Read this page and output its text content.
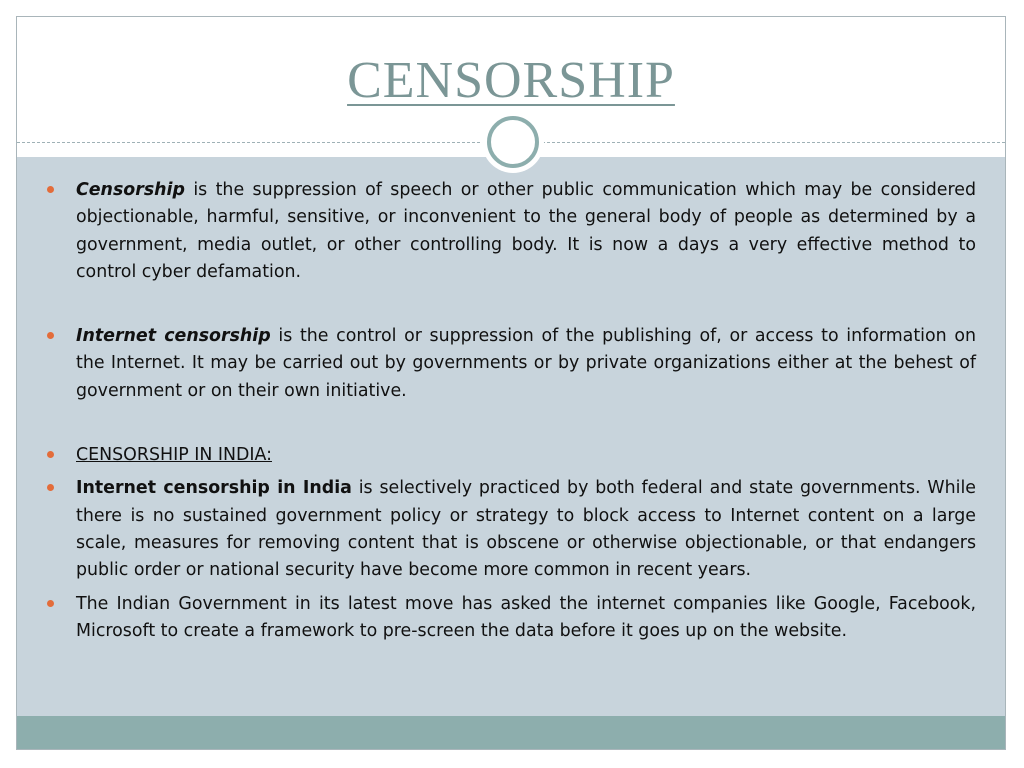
CENSORSHIP
Censorship is the suppression of speech or other public communication which may be considered objectionable, harmful, sensitive, or inconvenient to the general body of people as determined by a government, media outlet, or other controlling body. It is now a days a very effective method to control cyber defamation.
Internet censorship is the control or suppression of the publishing of, or access to information on the Internet. It may be carried out by governments or by private organizations either at the behest of government or on their own initiative.
CENSORSHIP IN INDIA:
Internet censorship in India is selectively practiced by both federal and state governments. While there is no sustained government policy or strategy to block access to Internet content on a large scale, measures for removing content that is obscene or otherwise objectionable, or that endangers public order or national security have become more common in recent years.
The Indian Government in its latest move has asked the internet companies like Google, Facebook, Microsoft to create a framework to pre-screen the data before it goes up on the website.
